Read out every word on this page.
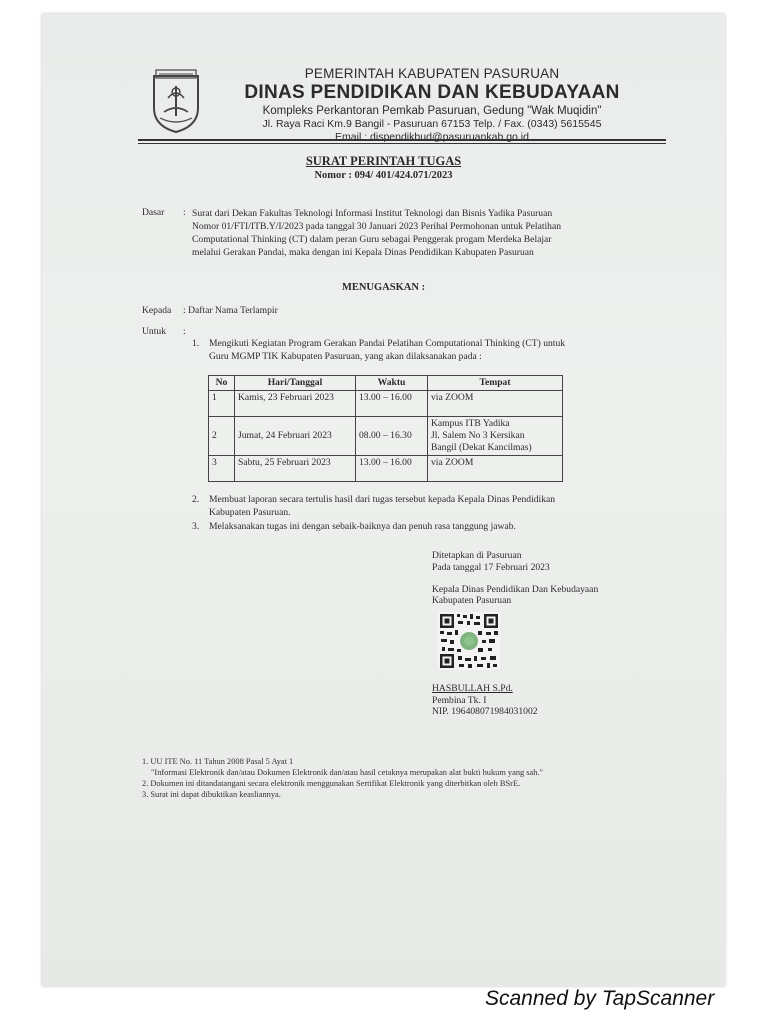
PEMERINTAH KABUPATEN PASURUAN
DINAS PENDIDIKAN DAN KEBUDAYAAN
Kompleks Perkantoran Pemkab Pasuruan, Gedung "Wak Muqidin"
Jl. Raya Raci Km.9 Bangil - Pasuruan 67153 Telp. / Fax. (0343) 5615545
Email : dispendikbud@pasuruankab.go.id
SURAT PERINTAH TUGAS
Nomor : 094/ 401/424.071/2023
Dasar : Surat dari Dekan Fakultas Teknologi Informasi Institut Teknologi dan Bisnis Yadika Pasuruan
Nomor 01/FTI/ITB.Y/I/2023 pada tanggal 30 Januari 2023 Perihal Permohonan untuk Pelatihan
Computational Thinking (CT) dalam peran Guru sebagai Penggerak progam Merdeka Belajar
melalui Gerakan Pandai, maka dengan ini Kepala Dinas Pendidikan Kabupaten Pasuruan
MENUGASKAN :
Kepada : Daftar Nama Terlampir
Untuk :
1. Mengikuti Kegiatan Program Gerakan Pandai Pelatihan Computational Thinking (CT) untuk
Guru MGMP TIK Kabupaten Pasuruan, yang akan dilaksanakan pada :
No	Hari/Tanggal	Waktu	Tempat
1	Kamis, 23 Februari 2023	13.00 – 16.00	via ZOOM

2	Jumat, 24 Februari 2023	08.00 – 16.30	Kampus ITB Yadika
Jl. Salem No 3 Kersikan
Bangil (Dekat Kancilmas)

3	Sabtu, 25 Februari 2023	13.00 – 16.00	via ZOOM
2. Membuat laporan secara tertulis hasil dari tugas tersebut kepada Kepala Dinas Pendidikan
Kabupaten Pasuruan.
3. Melaksanakan tugas ini dengan sebaik-baiknya dan penuh rasa tanggung jawab.
Ditetapkan di Pasuruan
Pada tanggal 17 Februari 2023
Kepala Dinas Pendidikan Dan Kebudayaan
Kabupaten Pasuruan
HASBULLAH S.Pd.
Pembina Tk. I
NIP. 196408071984031002
1. UU ITE No. 11 Tahun 2008 Pasal 5 Ayat 1
"Informasi Elektronik dan/atau Dokumen Elektronik dan/atau hasil cetaknya merupakan alat bukti hukum yang sah."
2. Dokumen ini ditandatangani secara elektronik menggunakan Sertifikat Elektronik yang diterbitkan oleh BSrE.
3. Surat ini dapat dibuktikan keasliannya.
Scanned by TapScanner
